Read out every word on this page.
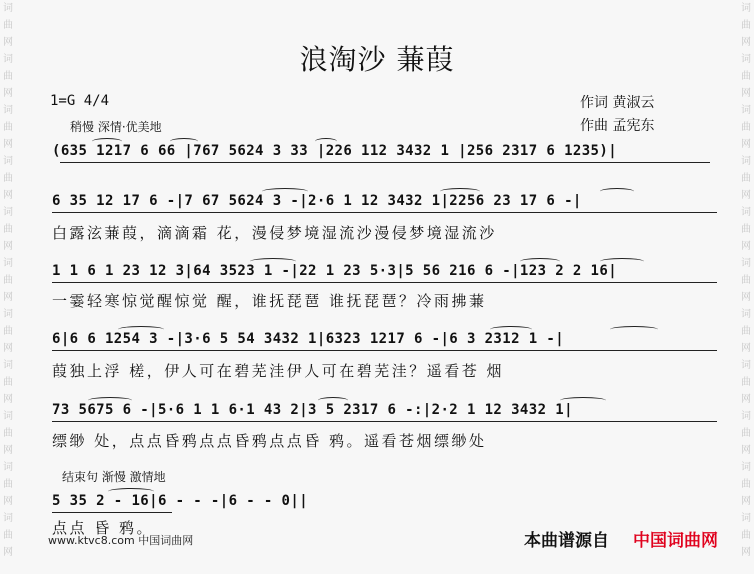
词
曲
网
词
曲
网
词
曲
网
词
曲
网
词
曲
网
词
曲
网
词
曲
网
词
曲
网
词
曲
网
词
曲
网
词
曲
网

词
曲
网
词
曲
网
词
曲
网
词
曲
网
词
曲
网
词
曲
网
词
曲
网
词
曲
网
词
曲
网
词
曲
网
词
曲
网

浪淘沙 蒹葭
1=G 4/4
稍慢 深情·优美地
作词 黄淑云
作曲 孟宪东
(635 1217 6 66 |767 5624 3 33 |226 112 3432 1 |256 2317 6 1235)|
6 35 12 17 6 -|7 67 5624 3 -|2·6 1 12 3432 1|2256 23 17 6 -|
白露泫蒹葭，滴滴霜 花，漫侵梦境湿流沙漫侵梦境湿流沙
1 1 6 1 23 12 3|64 3523 1 -|22 1 23 5·3|5 56 216 6 -|123 2 2 16|
一霎轻寒惊觉醒惊觉 醒，谁抚琵琶 谁抚琵琶？冷雨拂蒹
6|6 6 1254 3 -|3·6 5 54 3432 1|6323 1217 6 -|6 3 2312 1 -|
葭独上浮 槎，伊人可在碧芜洼伊人可在碧芜洼？遥看苍 烟
73 5675 6 -|5·6 1 1 6·1 43 2|3 5 2317 6 -:|2·2 1 12 3432 1|
缥缈 处，点点昏鸦点点昏鸦点点昏 鸦。遥看苍烟缥缈处
结束句 渐慢 激情地
5 35 2 - 16|6 - - -|6 - - 0||
点点 昏 鸦。
www.ktvc8.com 中国词曲网	本曲谱源自 中国词曲网
